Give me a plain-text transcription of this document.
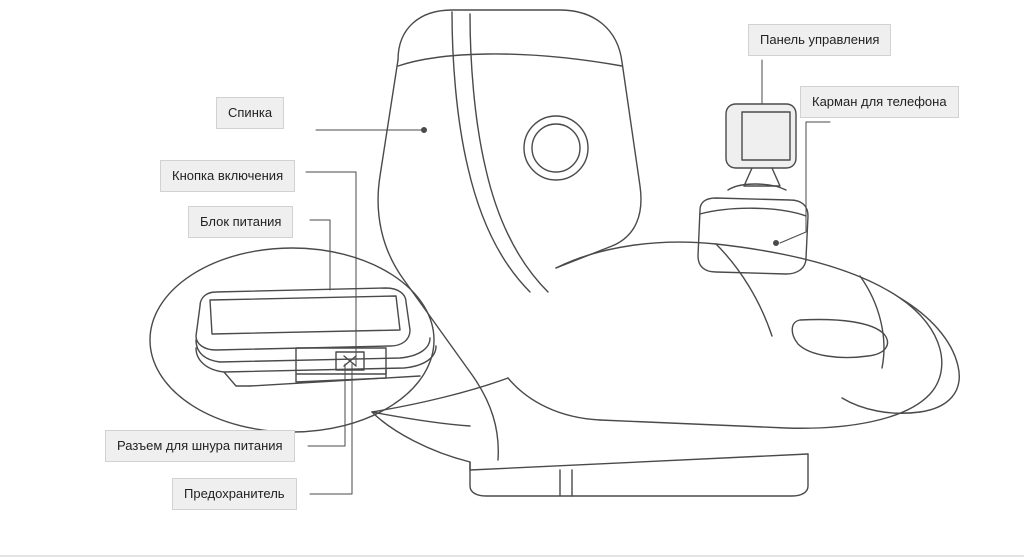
Спинка
Кнопка включения
Блок питания
Панель управления
Карман для телефона
Разъем для шнура питания
Предохранитель
